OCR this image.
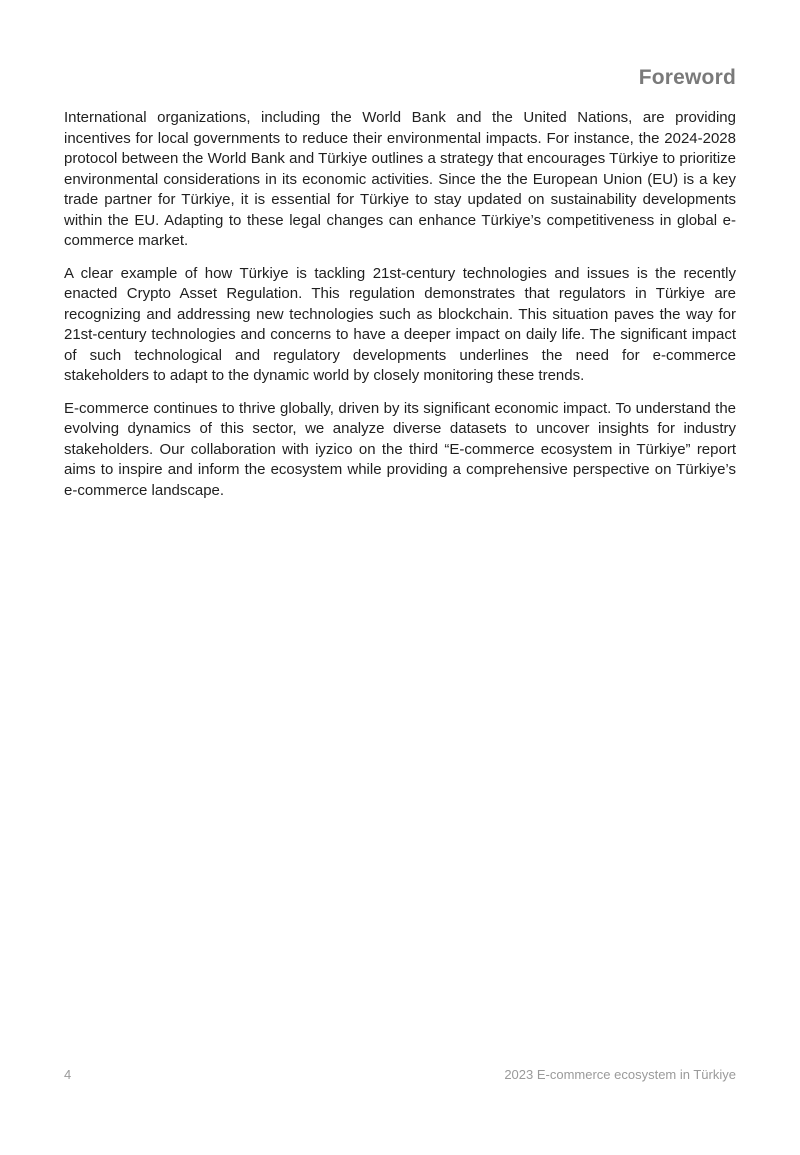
Foreword

International organizations, including the World Bank and the United Nations, are providing incentives for local governments to reduce their environmental impacts. For instance, the 2024-2028 protocol between the World Bank and Türkiye outlines a strategy that encourages Türkiye to prioritize environmental considerations in its economic activities. Since the the European Union (EU) is a key trade partner for Türkiye, it is essential for Türkiye to stay updated on sustainability developments within the EU. Adapting to these legal changes can enhance Türkiye’s competitiveness in global e-commerce market.

A clear example of how Türkiye is tackling 21st-century technologies and issues is the recently enacted Crypto Asset Regulation. This regulation demonstrates that regulators in Türkiye are recognizing and addressing new technologies such as blockchain. This situation paves the way for 21st-century technologies and concerns to have a deeper impact on daily life. The significant impact of such technological and regulatory developments underlines the need for e-commerce stakeholders to adapt to the dynamic world by closely monitoring these trends.

E-commerce continues to thrive globally, driven by its significant economic impact. To understand the evolving dynamics of this sector, we analyze diverse datasets to uncover insights for industry stakeholders. Our collaboration with iyzico on the third “E-commerce ecosystem in Türkiye” report aims to inspire and inform the ecosystem while providing a comprehensive perspective on Türkiye’s e-commerce landscape.

4	2023 E-commerce ecosystem in Türkiye
